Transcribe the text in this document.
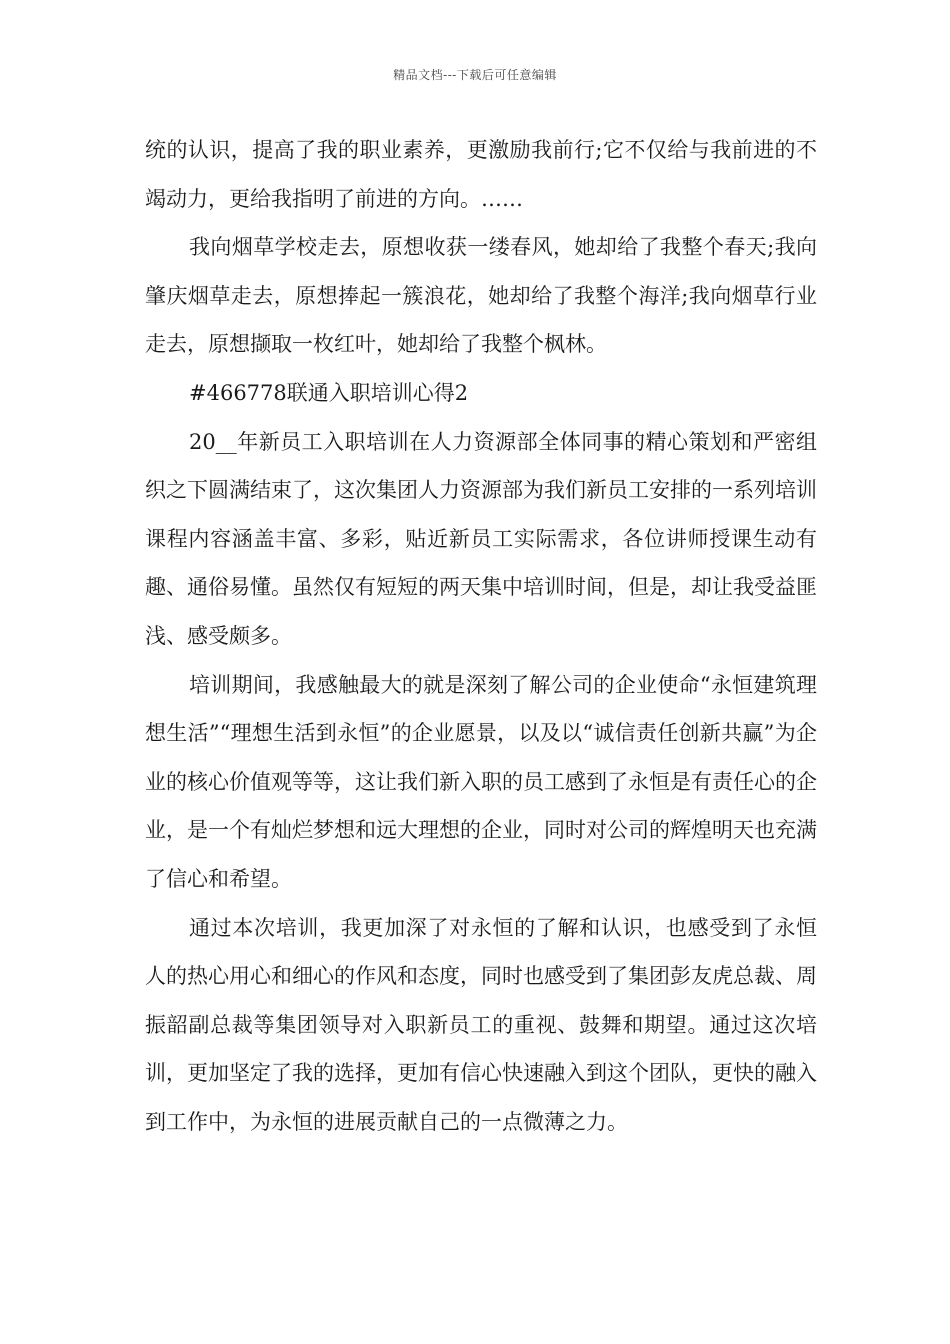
精品文档---下载后可任意编辑

统的认识，提高了我的职业素养，更激励我前行;它不仅给与我前进的不竭动力，更给我指明了前进的方向。……

我向烟草学校走去，原想收获一缕春风，她却给了我整个春天;我向肇庆烟草走去，原想捧起一簇浪花，她却给了我整个海洋;我向烟草行业走去，原想撷取一枚红叶，她却给了我整个枫林。

#466778联通入职培训心得2

20__年新员工入职培训在人力资源部全体同事的精心策划和严密组织之下圆满结束了，这次集团人力资源部为我们新员工安排的一系列培训课程内容涵盖丰富、多彩，贴近新员工实际需求，各位讲师授课生动有趣、通俗易懂。虽然仅有短短的两天集中培训时间，但是，却让我受益匪浅、感受颇多。

培训期间，我感触最大的就是深刻了解公司的企业使命“永恒建筑理想生活”“理想生活到永恒”的企业愿景，以及以“诚信责任创新共赢”为企业的核心价值观等等，这让我们新入职的员工感到了永恒是有责任心的企业，是一个有灿烂梦想和远大理想的企业，同时对公司的辉煌明天也充满了信心和希望。

通过本次培训，我更加深了对永恒的了解和认识，也感受到了永恒人的热心用心和细心的作风和态度，同时也感受到了集团彭友虎总裁、周振韶副总裁等集团领导对入职新员工的重视、鼓舞和期望。通过这次培训，更加坚定了我的选择，更加有信心快速融入到这个团队，更快的融入到工作中，为永恒的进展贡献自己的一点微薄之力。
